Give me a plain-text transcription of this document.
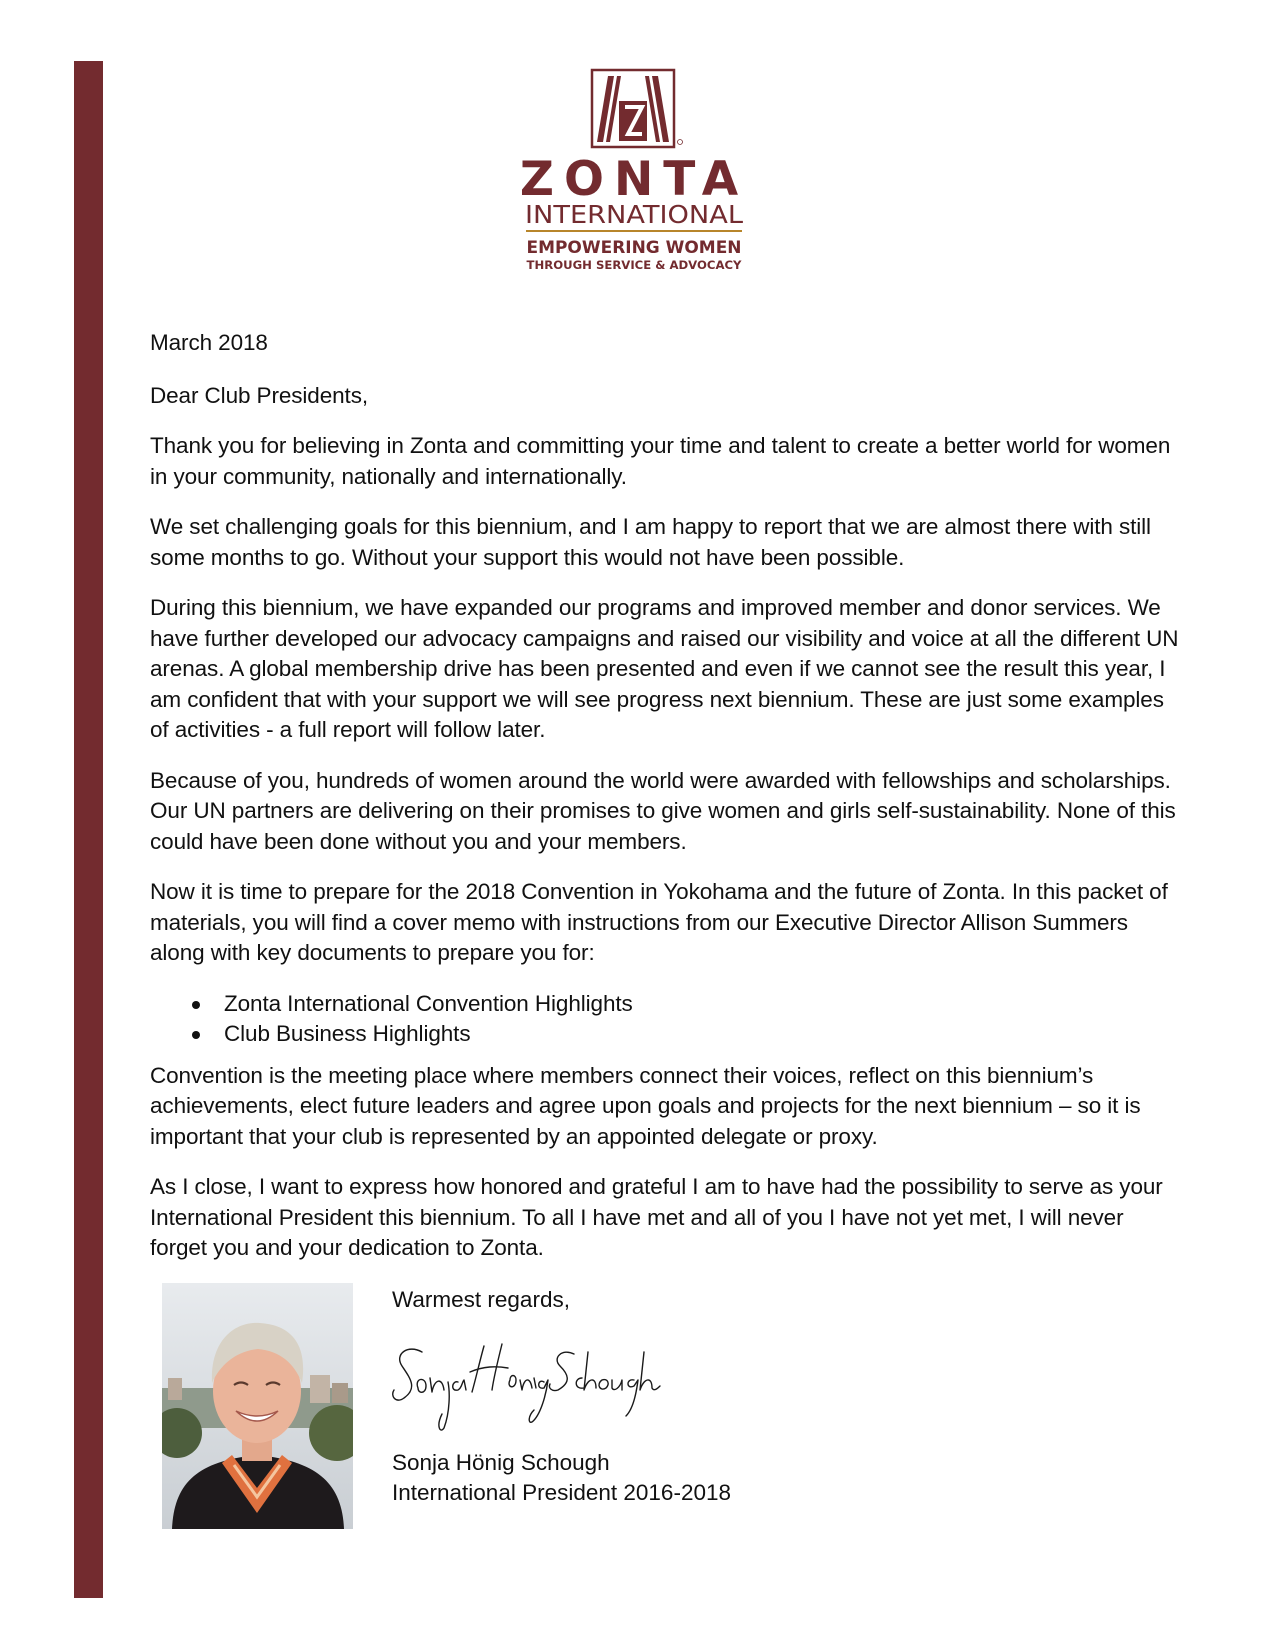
ZONTA
INTERNATIONAL
EMPOWERING WOMEN
THROUGH SERVICE & ADVOCACY

March 2018

Dear Club Presidents,

Thank you for believing in Zonta and committing your time and talent to create a better world for women in your community, nationally and internationally.

We set challenging goals for this biennium, and I am happy to report that we are almost there with still some months to go. Without your support this would not have been possible.

During this biennium, we have expanded our programs and improved member and donor services. We have further developed our advocacy campaigns and raised our visibility and voice at all the different UN arenas. A global membership drive has been presented and even if we cannot see the result this year, I am confident that with your support we will see progress next biennium. These are just some examples of activities - a full report will follow later.

Because of you, hundreds of women around the world were awarded with fellowships and scholarships. Our UN partners are delivering on their promises to give women and girls self-sustainability. None of this could have been done without you and your members.

Now it is time to prepare for the 2018 Convention in Yokohama and the future of Zonta. In this packet of materials, you will find a cover memo with instructions from our Executive Director Allison Summers along with key documents to prepare you for:

Zonta International Convention Highlights
Club Business Highlights

Convention is the meeting place where members connect their voices, reflect on this biennium’s achievements, elect future leaders and agree upon goals and projects for the next biennium – so it is important that your club is represented by an appointed delegate or proxy.

As I close, I want to express how honored and grateful I am to have had the possibility to serve as your International President this biennium. To all I have met and all of you I have not yet met, I will never forget you and your dedication to Zonta.

Warmest regards,
Sonja Hönig Schough
International President 2016-2018
